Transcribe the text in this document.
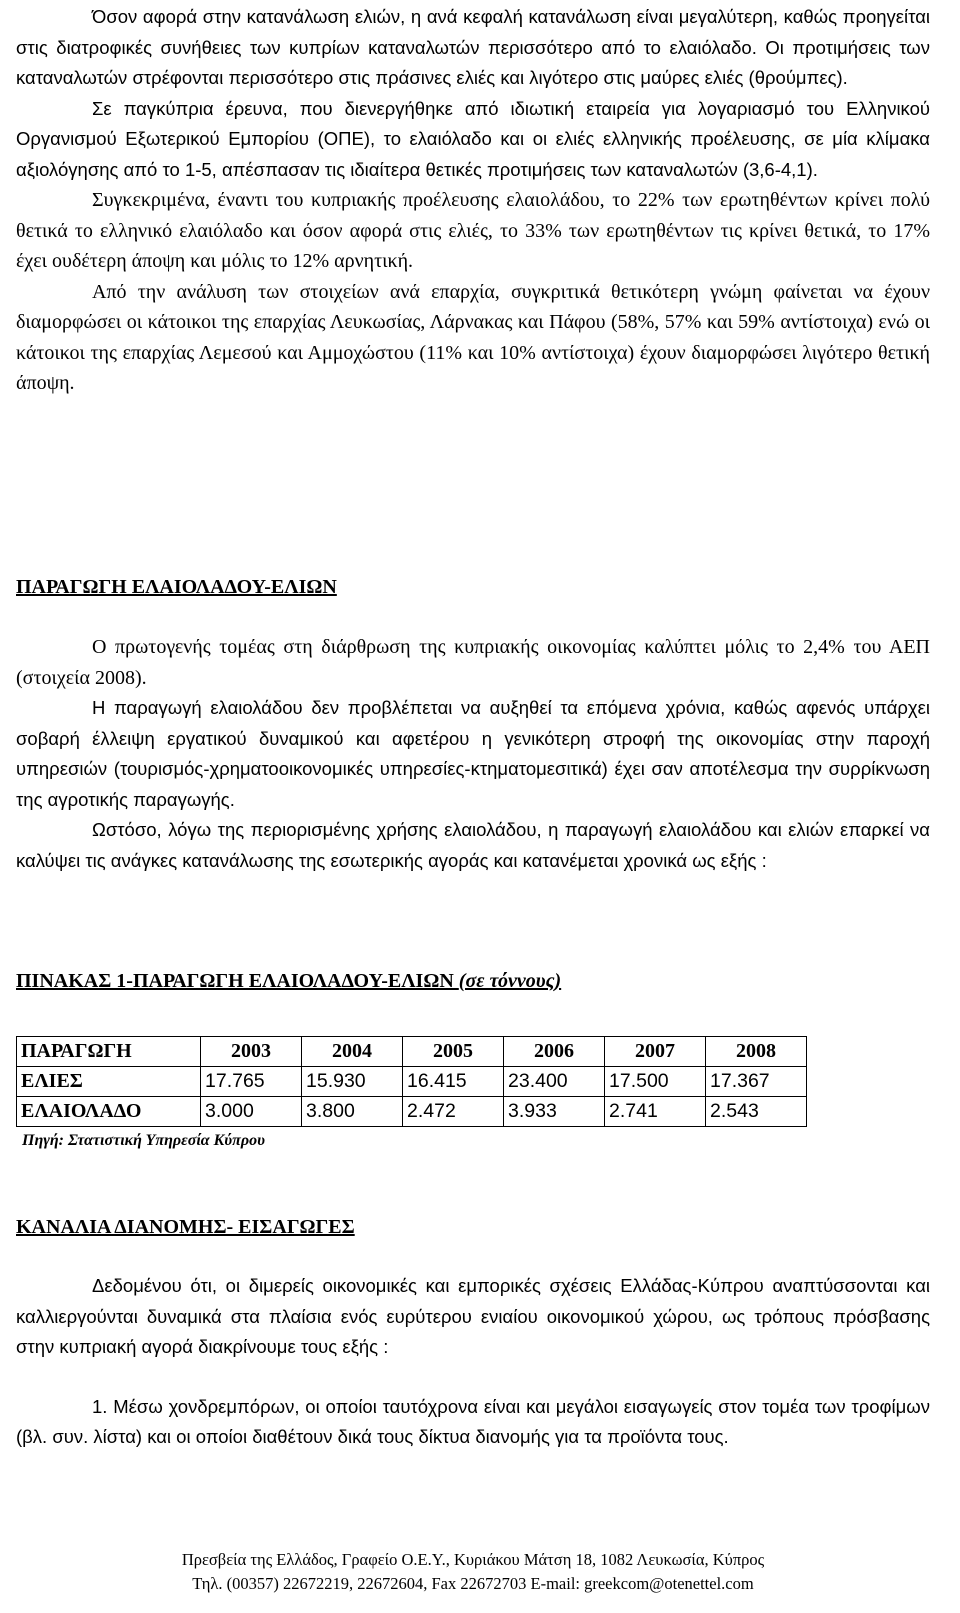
Όσον αφορά στην κατανάλωση ελιών, η ανά κεφαλή κατανάλωση είναι μεγαλύτερη, καθώς προηγείται στις διατροφικές συνήθειες των κυπρίων καταναλωτών περισσότερο από το ελαιόλαδο. Οι προτιμήσεις των καταναλωτών στρέφονται περισσότερο στις πράσινες ελιές και λιγότερο στις μαύρες ελιές (θρούμπες).

Σε παγκύπρια έρευνα, που διενεργήθηκε από ιδιωτική εταιρεία για λογαριασμό του Ελληνικού Οργανισμού Εξωτερικού Εμπορίου (ΟΠΕ), το ελαιόλαδο και οι ελιές ελληνικής προέλευσης, σε μία κλίμακα αξιολόγησης από το 1-5, απέσπασαν τις ιδιαίτερα θετικές προτιμήσεις των καταναλωτών (3,6-4,1).

Συγκεκριμένα, έναντι του κυπριακής προέλευσης ελαιολάδου, το 22% των ερωτηθέντων κρίνει πολύ θετικά το ελληνικό ελαιόλαδο και όσον αφορά στις ελιές, το 33% των ερωτηθέντων τις κρίνει θετικά, το 17% έχει ουδέτερη άποψη και μόλις το 12% αρνητική.

Από την ανάλυση των στοιχείων ανά επαρχία, συγκριτικά θετικότερη γνώμη φαίνεται να έχουν διαμορφώσει οι κάτοικοι της επαρχίας Λευκωσίας, Λάρνακας και Πάφου (58%, 57% και 59% αντίστοιχα) ενώ οι κάτοικοι της επαρχίας Λεμεσού και Αμμοχώστου (11% και 10% αντίστοιχα) έχουν διαμορφώσει λιγότερο θετική άποψη.

ΠΑΡΑΓΩΓΗ ΕΛΑΙΟΛΑΔΟΥ-ΕΛΙΩΝ

Ο πρωτογενής τομέας στη διάρθρωση της κυπριακής οικονομίας καλύπτει μόλις το 2,4% του ΑΕΠ (στοιχεία 2008).

Η παραγωγή ελαιολάδου δεν προβλέπεται να αυξηθεί τα επόμενα χρόνια, καθώς αφενός υπάρχει σοβαρή έλλειψη εργατικού δυναμικού και αφετέρου η γενικότερη στροφή της οικονομίας στην παροχή υπηρεσιών (τουρισμός-χρηματοοικονομικές υπηρεσίες-κτηματομεσιτικά) έχει σαν αποτέλεσμα την συρρίκνωση της αγροτικής παραγωγής.

Ωστόσο, λόγω της περιορισμένης χρήσης ελαιολάδου, η παραγωγή ελαιολάδου και ελιών επαρκεί να καλύψει τις ανάγκες κατανάλωσης της εσωτερικής αγοράς και κατανέμεται χρονικά ως εξής :

ΠΙΝΑΚΑΣ 1-ΠΑΡΑΓΩΓΗ ΕΛΑΙΟΛΑΔΟΥ-ΕΛΙΩΝ (σε τόννους)
ΠΑΡΑΓΩΓΗ	2003	2004	2005	2006	2007	2008
ΕΛΙΕΣ	17.765	15.930	16.415	23.400	17.500	17.367
ΕΛΑΙΟΛΑΔΟ	3.000	3.800	2.472	3.933	2.741	2.543
Πηγή: Στατιστική Υπηρεσία Κύπρου
ΚΑΝΑΛΙΑ ΔΙΑΝΟΜΗΣ- ΕΙΣΑΓΩΓΕΣ

Δεδομένου ότι, οι διμερείς οικονομικές και εμπορικές σχέσεις Ελλάδας-Κύπρου αναπτύσσονται και καλλιεργούνται δυναμικά στα πλαίσια ενός ευρύτερου ενιαίου οικονομικού χώρου, ως τρόπους πρόσβασης στην κυπριακή αγορά διακρίνουμε τους εξής :

1. Μέσω χονδρεμπόρων, οι οποίοι ταυτόχρονα είναι και μεγάλοι εισαγωγείς στον τομέα των τροφίμων (βλ. συν. λίστα) και οι οποίοι διαθέτουν δικά τους δίκτυα διανομής για τα προϊόντα τους.

Πρεσβεία της Ελλάδος, Γραφείο Ο.Ε.Υ., Κυριάκου Μάτση 18, 1082 Λευκωσία, Κύπρος
Τηλ. (00357) 22672219, 22672604, Fax 22672703 E-mail: greekcom@otenettel.com
